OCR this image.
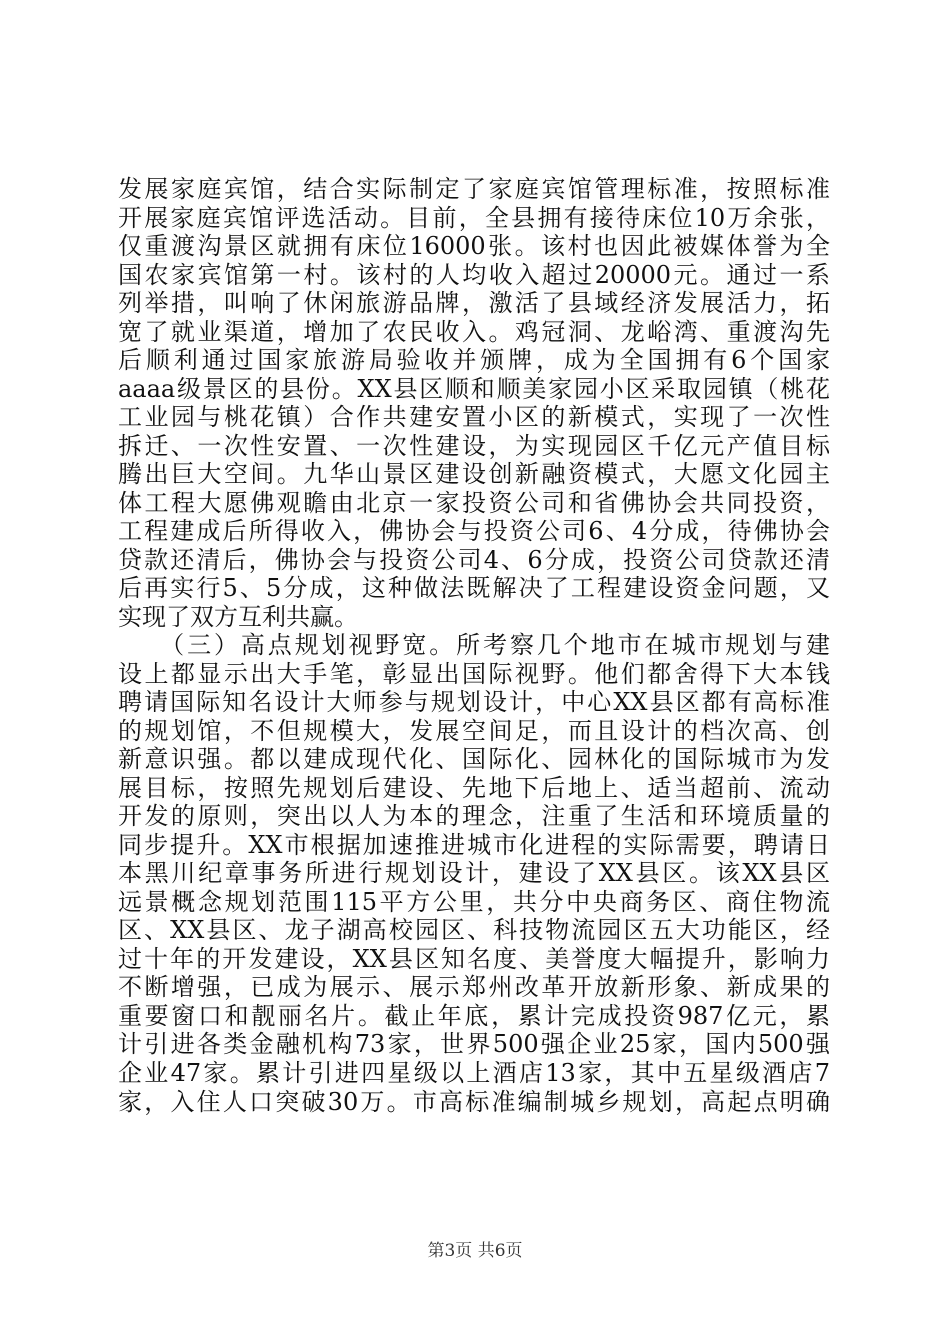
发展家庭宾馆，结合实际制定了家庭宾馆管理标准，按照标准
开展家庭宾馆评选活动。目前，全县拥有接待床位10万余张，
仅重渡沟景区就拥有床位16000张。该村也因此被媒体誉为全
国农家宾馆第一村。该村的人均收入超过20000元。通过一系
列举措，叫响了休闲旅游品牌，激活了县域经济发展活力，拓
宽了就业渠道，增加了农民收入。鸡冠洞、龙峪湾、重渡沟先
后顺利通过国家旅游局验收并颁牌，成为全国拥有6个国家
aaaa级景区的县份。XX县区顺和顺美家园小区采取园镇（桃花
工业园与桃花镇）合作共建安置小区的新模式，实现了一次性
拆迁、一次性安置、一次性建设，为实现园区千亿元产值目标
腾出巨大空间。九华山景区建设创新融资模式，大愿文化园主
体工程大愿佛观瞻由北京一家投资公司和省佛协会共同投资，
工程建成后所得收入，佛协会与投资公司6、4分成，待佛协会
贷款还清后，佛协会与投资公司4、6分成，投资公司贷款还清
后再实行5、5分成，这种做法既解决了工程建设资金问题，又
实现了双方互利共赢。
（三）高点规划视野宽。所考察几个地市在城市规划与建
设上都显示出大手笔，彰显出国际视野。他们都舍得下大本钱
聘请国际知名设计大师参与规划设计，中心XX县区都有高标准
的规划馆，不但规模大，发展空间足，而且设计的档次高、创
新意识强。都以建成现代化、国际化、园林化的国际城市为发
展目标，按照先规划后建设、先地下后地上、适当超前、流动
开发的原则，突出以人为本的理念，注重了生活和环境质量的
同步提升。XX市根据加速推进城市化进程的实际需要，聘请日
本黑川纪章事务所进行规划设计，建设了XX县区。该XX县区
远景概念规划范围115平方公里，共分中央商务区、商住物流
区、XX县区、龙子湖高校园区、科技物流园区五大功能区，经
过十年的开发建设，XX县区知名度、美誉度大幅提升，影响力
不断增强，已成为展示、展示郑州改革开放新形象、新成果的
重要窗口和靓丽名片。截止年底，累计完成投资987亿元，累
计引进各类金融机构73家，世界500强企业25家，国内500强
企业47家。累计引进四星级以上酒店13家，其中五星级酒店7
家，入住人口突破30万。市高标准编制城乡规划，高起点明确
第3页 共6页
